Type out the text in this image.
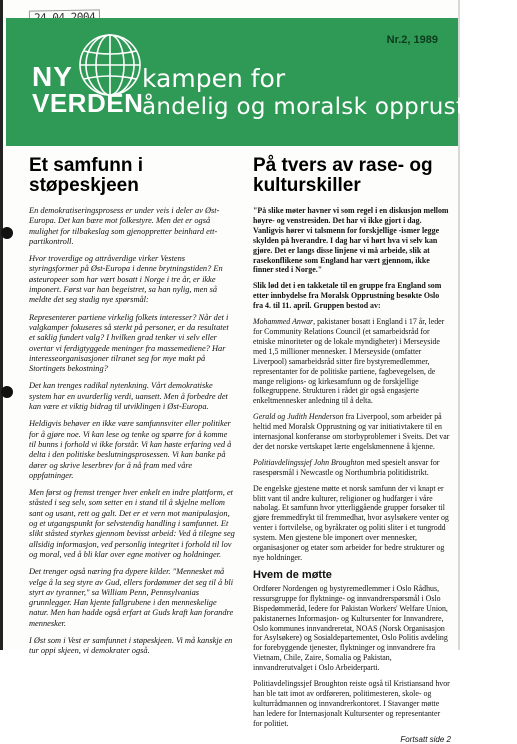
Nr.2, 1989
NY
VERDEN
kampen for
åndelig og moralsk opprustning
Et samfunn i støpeskjeen

En demokratiseringsprosess er under veis i deler av Øst-Europa. Det kan bære mot folkestyre. Men det er også mulighet for tilbakeslag som gjenoppretter beinhard ett-partikontroll.

Hvor troverdige og attråverdige virker Vestens styringsformer på Øst-Europa i denne brytningstiden? En østeuropeer som har vært bosatt i Norge i tre år, er ikke imponert. Først var han begeistret, sa han nylig, men så meldte det seg stadig nye spørsmål:

Representerer partiene virkelig folkets interesser? Når det i valgkamper fokuseres så sterkt på personer, er da resultatet et saklig fundert valg? I hvilken grad tenker vi selv eller overtar vi ferdigtyggede meninger fra massemediene? Har interesseorganisasjoner tilranet seg for mye makt på Stortingets bekostning?

Det kan trenges radikal nytenkning. Vårt demokratiske system har en uvurderlig verdi, uansett. Men å forbedre det kan være et viktig bidrag til utviklingen i Øst-Europa.

Heldigvis behøver en ikke være samfunnsviter eller politiker for å gjøre noe. Vi kan lese og tenke og spørre for å komme til bunns i forhold vi ikke forstår. Vi kan høste erfaring ved å delta i den politiske beslutningsprosessen. Vi kan banke på dører og skrive leserbrev for å nå fram med våre oppfatninger.

Men først og fremst trenger hver enkelt en indre plattform, et ståsted i seg selv, som setter en i stand til å skjelne mellom sant og usant, rett og galt. Det er et vern mot manipulasjon, og et utgangspunkt for selvstendig handling i samfunnet. Et slikt ståsted styrkes gjennom bevisst arbeid: Ved å tilegne seg allsidig informasjon, ved personlig integritet i forhold til lov og moral, ved å bli klar over egne motiver og holdninger.

Det trenger også næring fra dypere kilder. "Mennesket må velge å la seg styre av Gud, ellers fordømmer det seg til å bli styrt av tyranner," sa William Penn, Pennsylvanias grunnlegger. Han kjente fallgrubene i den menneskelige natur. Men han hadde også erfart at Guds kraft kan forandre mennesker.

I Øst som i Vest er samfunnet i støpeskjeen. Vi må kanskje en tur oppi skjeen, vi demokrater også.

På tvers av rase- og kulturskiller

"På slike møter havner vi som regel i en diskusjon mellom høyre- og venstresiden. Det har vi ikke gjort i dag. Vanligvis hører vi talsmenn for forskjellige -ismer legge skylden på hverandre. I dag har vi hørt hva vi selv kan gjøre. Det er langs disse linjene vi må arbeide, slik at rasekonflikene som England har vært gjennom, ikke finner sted i Norge."

Slik lød det i en takketale til en gruppe fra England som etter innbydelse fra Moralsk Opprustning besøkte Oslo fra 4. til 11. april. Gruppen bestod av:

Mohammed Anwar, pakistaner bosatt i England i 17 år, leder for Community Relations Council (et samarbeidsråd for etniske minoriteter og de lokale myndigheter) i Merseyside med 1,5 millioner mennesker. I Merseyside (omfatter Liverpool) samarbeidsråd sitter fire bystyremedlemmer, representanter for de politiske partiene, fagbevegelsen, de mange religions- og kirkesamfunn og de forskjellige folkegruppene. Strukturen i rådet gir også engasjerte enkeltmennesker anledning til å delta.

Gerald og Judith Henderson fra Liverpool, som arbeider på heltid med Moralsk Opprustning og var initiativtakere til en internasjonal konferanse om storbyproblemer i Sveits. Det var der det norske vertskapet lærte engelskmennene å kjenne.

Politiavdelingssjef John Broughton med spesielt ansvar for rasespørsmål i Newcastle og Northumbria politidistrikt.

De engelske gjestene møtte et norsk samfunn der vi knapt er blitt vant til andre kulturer, religioner og hudfarger i våre nabolag. Et samfunn hvor ytterliggående grupper forsøker til gjøre fremmedfrykt til fremmedhat, hvor asylsøkere venter og venter i fortvilelse, og byråkrater og politi sliter i et tungrodd system. Men gjestene ble imponert over mennesker, organisasjoner og etater som arbeider for bedre strukturer og nye holdninger.

Hvem de møtte

Ordfører Nordengen og bystyremedlemmer i Oslo Rådhus, ressursgruppe for flyktninge- og innvandrerspørsmål i Oslo Bispedømmeråd, ledere for Pakistan Workers' Welfare Union, pakistanernes Informasjon- og Kultursenter for Innvandrere, Oslo kommunes innvandreretat, NOAS (Norsk Organisasjon for Asylsøkere) og Sosialdepartementet, Oslo Politis avdeling for forebyggende tjenester, flyktninger og innvandrere fra Vietnam, Chile, Zaire, Somalia og Pakistan, innvandrerutvalget i Oslo Arbeiderparti.

Politiavdelingssjef Broughton reiste også til Kristiansand hvor han ble tatt imot av ordføreren, politimesteren, skole- og kulturrådmannen og innvandrerkontoret. I Stavanger møtte han ledere for Internasjonalt Kultursenter og representanter for politiet.

Fortsatt side 2
